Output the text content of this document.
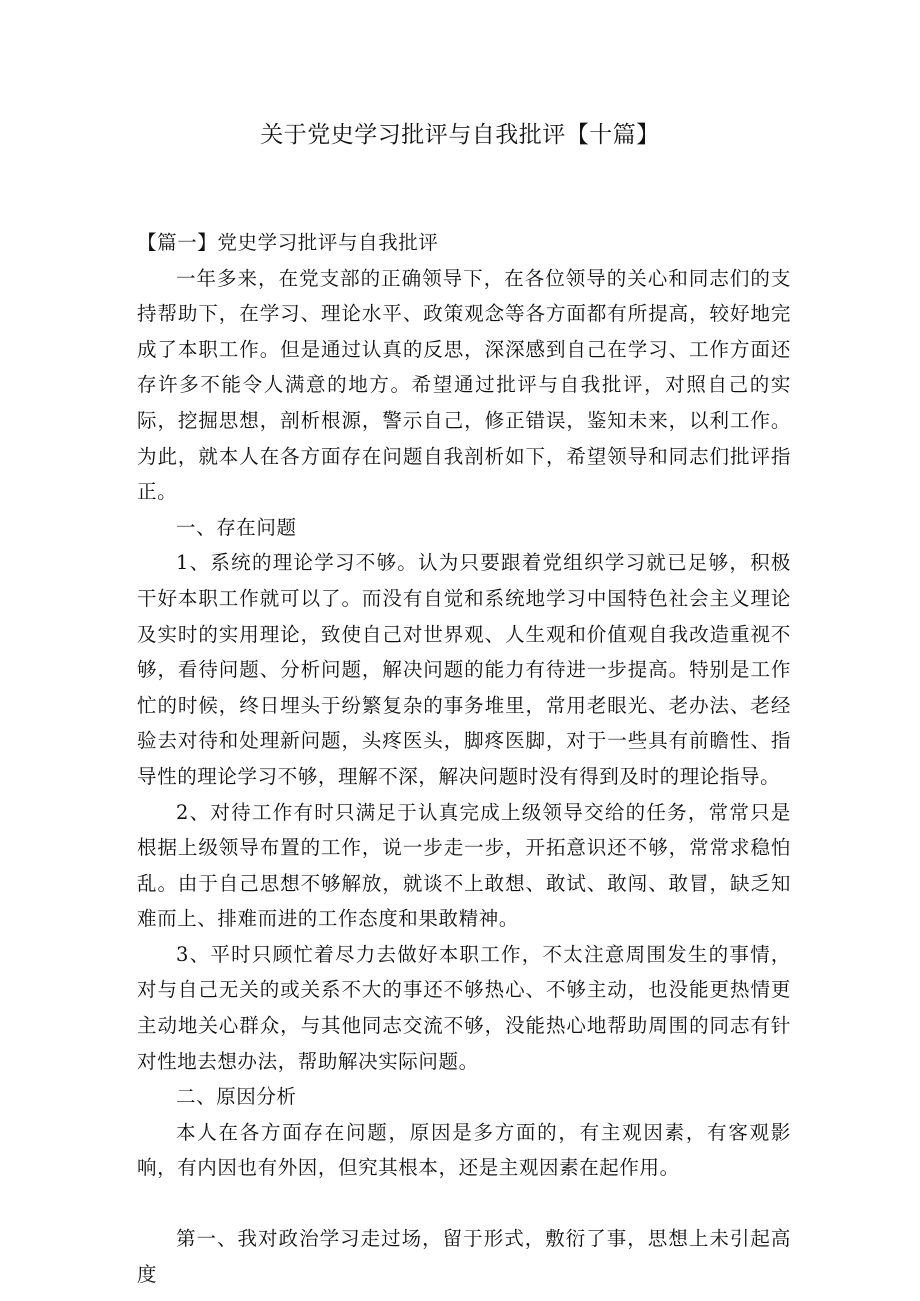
关于党史学习批评与自我批评【十篇】

【篇一】党史学习批评与自我批评

一年多来，在党支部的正确领导下，在各位领导的关心和同志们的支持帮助下，在学习、理论水平、政策观念等各方面都有所提高，较好地完成了本职工作。但是通过认真的反思，深深感到自己在学习、工作方面还存许多不能令人满意的地方。希望通过批评与自我批评，对照自己的实际，挖掘思想，剖析根源，警示自己，修正错误，鉴知未来，以利工作。为此，就本人在各方面存在问题自我剖析如下，希望领导和同志们批评指正。

一、存在问题

1、系统的理论学习不够。认为只要跟着党组织学习就已足够，积极干好本职工作就可以了。而没有自觉和系统地学习中国特色社会主义理论及实时的实用理论，致使自己对世界观、人生观和价值观自我改造重视不够，看待问题、分析问题，解决问题的能力有待进一步提高。特别是工作忙的时候，终日埋头于纷繁复杂的事务堆里，常用老眼光、老办法、老经验去对待和处理新问题，头疼医头，脚疼医脚，对于一些具有前瞻性、指导性的理论学习不够，理解不深，解决问题时没有得到及时的理论指导。

2、对待工作有时只满足于认真完成上级领导交给的任务，常常只是根据上级领导布置的工作，说一步走一步，开拓意识还不够，常常求稳怕乱。由于自己思想不够解放，就谈不上敢想、敢试、敢闯、敢冒，缺乏知难而上、排难而进的工作态度和果敢精神。

3、平时只顾忙着尽力去做好本职工作，不太注意周围发生的事情，对与自己无关的或关系不大的事还不够热心、不够主动，也没能更热情更主动地关心群众，与其他同志交流不够，没能热心地帮助周围的同志有针对性地去想办法，帮助解决实际问题。

二、原因分析

本人在各方面存在问题，原因是多方面的，有主观因素，有客观影响，有内因也有外因，但究其根本，还是主观因素在起作用。

第一、我对政治学习走过场，留于形式，敷衍了事，思想上未引起高度
